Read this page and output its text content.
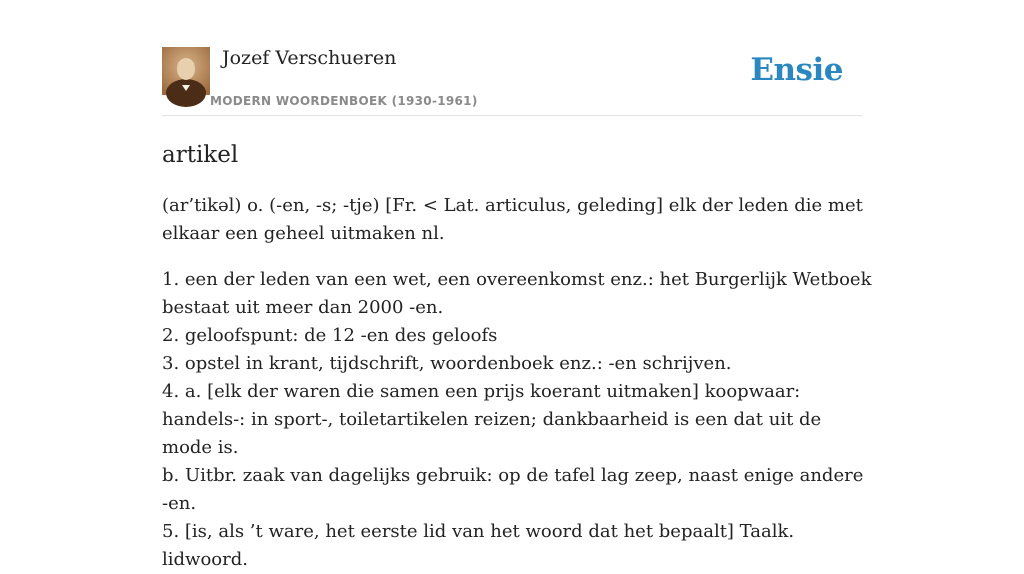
Jozef Verschueren
MODERN WOORDENBOEK (1930-1961)
Ensie
artikel

(ar’tikəl) o. (-en, -s; -tje) [Fr. < Lat. articulus, geleding] elk der leden die met elkaar een geheel uitmaken nl.

1. een der leden van een wet, een overeenkomst enz.: het Burgerlijk Wetboek bestaat uit meer dan 2000 -en.

2. geloofspunt: de 12 -en des geloofs

3. opstel in krant, tijdschrift, woordenboek enz.: -en schrijven.

4. a. [elk der waren die samen een prijs koerant uitmaken] koopwaar: handels-: in sport-, toiletartikelen reizen; dankbaarheid is een dat uit de mode is.

b. Uitbr. zaak van dagelijks gebruik: op de tafel lag zeep, naast enige andere -en.

5. [is, als ’t ware, het eerste lid van het woord dat het bepaalt] Taalk. lidwoord.
